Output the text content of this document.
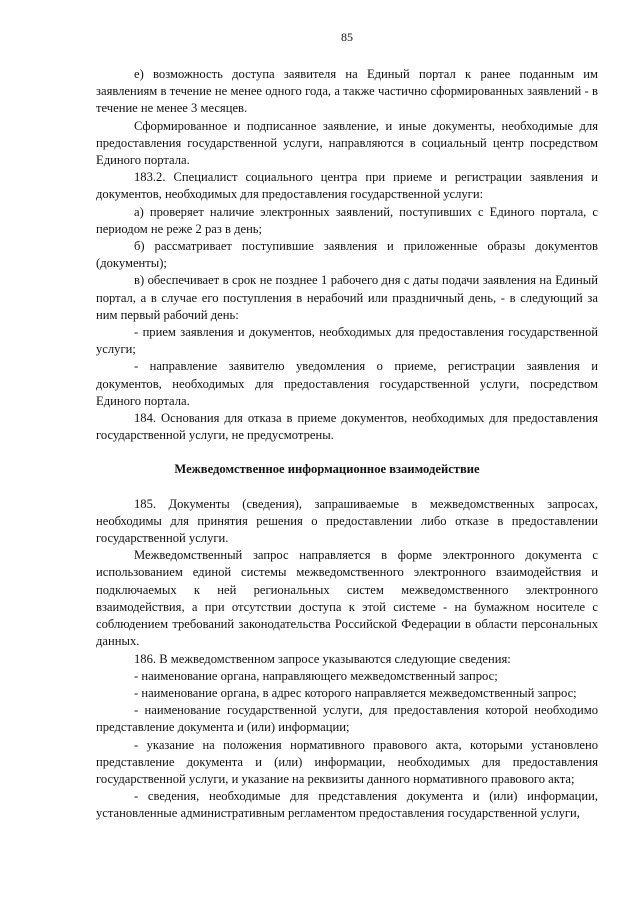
85

е) возможность доступа заявителя на Единый портал к ранее поданным им заявлениям в течение не менее одного года, а также частично сформированных заявлений - в течение не менее 3 месяцев.

Сформированное и подписанное заявление, и иные документы, необходимые для предоставления государственной услуги, направляются в социальный центр посредством Единого портала.

183.2. Специалист социального центра при приеме и регистрации заявления и документов, необходимых для предоставления государственной услуги:

а) проверяет наличие электронных заявлений, поступивших с Единого портала, с периодом не реже 2 раз в день;

б) рассматривает поступившие заявления и приложенные образы документов (документы);

в) обеспечивает в срок не позднее 1 рабочего дня с даты подачи заявления на Единый портал, а в случае его поступления в нерабочий или праздничный день, - в следующий за ним первый рабочий день:

- прием заявления и документов, необходимых для предоставления государственной услуги;

- направление заявителю уведомления о приеме, регистрации заявления и документов, необходимых для предоставления государственной услуги, посредством Единого портала.

184. Основания для отказа в приеме документов, необходимых для предоставления государственной услуги, не предусмотрены.

Межведомственное информационное взаимодействие

185. Документы (сведения), запрашиваемые в межведомственных запросах, необходимы для принятия решения о предоставлении либо отказе в предоставлении государственной услуги.

Межведомственный запрос направляется в форме электронного документа с использованием единой системы межведомственного электронного взаимодействия и подключаемых к ней региональных систем межведомственного электронного взаимодействия, а при отсутствии доступа к этой системе - на бумажном носителе с соблюдением требований законодательства Российской Федерации в области персональных данных.

186. В межведомственном запросе указываются следующие сведения:

- наименование органа, направляющего межведомственный запрос;

- наименование органа, в адрес которого направляется межведомственный запрос;

- наименование государственной услуги, для предоставления которой необходимо представление документа и (или) информации;

- указание на положения нормативного правового акта, которыми установлено представление документа и (или) информации, необходимых для предоставления государственной услуги, и указание на реквизиты данного нормативного правового акта;

- сведения, необходимые для представления документа и (или) информации, установленные административным регламентом предоставления государственной услуги,
